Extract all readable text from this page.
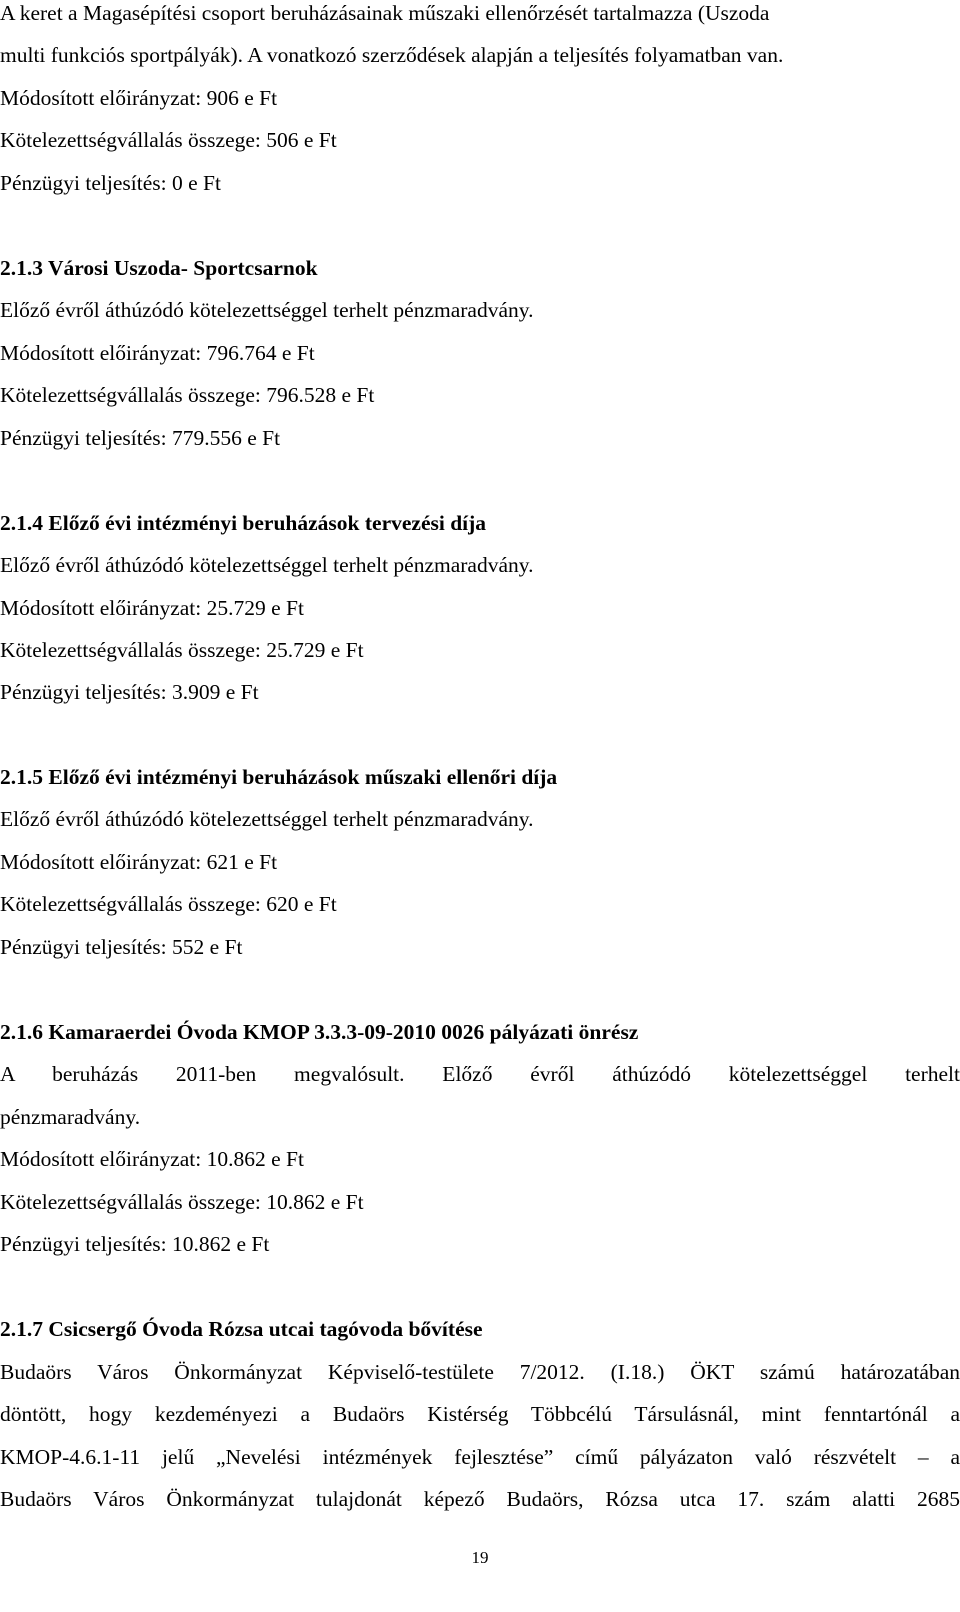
A keret a Magasépítési csoport beruházásainak műszaki ellenőrzését tartalmazza (Uszoda
multi funkciós sportpályák). A vonatkozó szerződések alapján a teljesítés folyamatban van.
Módosított előirányzat: 906 e Ft
Kötelezettségvállalás összege: 506 e Ft
Pénzügyi teljesítés: 0 e Ft
2.1.3 Városi Uszoda- Sportcsarnok
Előző évről áthúzódó kötelezettséggel terhelt pénzmaradvány.
Módosított előirányzat: 796.764 e Ft
Kötelezettségvállalás összege: 796.528 e Ft
Pénzügyi teljesítés: 779.556 e Ft
2.1.4 Előző évi intézményi beruházások tervezési díja
Előző évről áthúzódó kötelezettséggel terhelt pénzmaradvány.
Módosított előirányzat: 25.729 e Ft
Kötelezettségvállalás összege: 25.729 e Ft
Pénzügyi teljesítés: 3.909 e Ft
2.1.5 Előző évi intézményi beruházások műszaki ellenőri díja
Előző évről áthúzódó kötelezettséggel terhelt pénzmaradvány.
Módosított előirányzat: 621 e Ft
Kötelezettségvállalás összege: 620 e Ft
Pénzügyi teljesítés: 552 e Ft
2.1.6 Kamaraerdei Óvoda KMOP 3.3.3-09-2010 0026 pályázati önrész
A beruházás 2011-ben megvalósult. Előző évről áthúzódó kötelezettséggel terhelt
pénzmaradvány.
Módosított előirányzat: 10.862 e Ft
Kötelezettségvállalás összege: 10.862 e Ft
Pénzügyi teljesítés: 10.862 e Ft
2.1.7 Csicsergő Óvoda Rózsa utcai tagóvoda bővítése
Budaörs Város Önkormányzat Képviselő-testülete 7/2012. (I.18.) ÖKT számú határozatában
döntött, hogy kezdeményezi a Budaörs Kistérség Többcélú Társulásnál, mint fenntartónál a
KMOP-4.6.1-11 jelű „Nevelési intézmények fejlesztése” című pályázaton való részvételt – a
Budaörs Város Önkormányzat tulajdonát képező Budaörs, Rózsa utca 17. szám alatti 2685
19
